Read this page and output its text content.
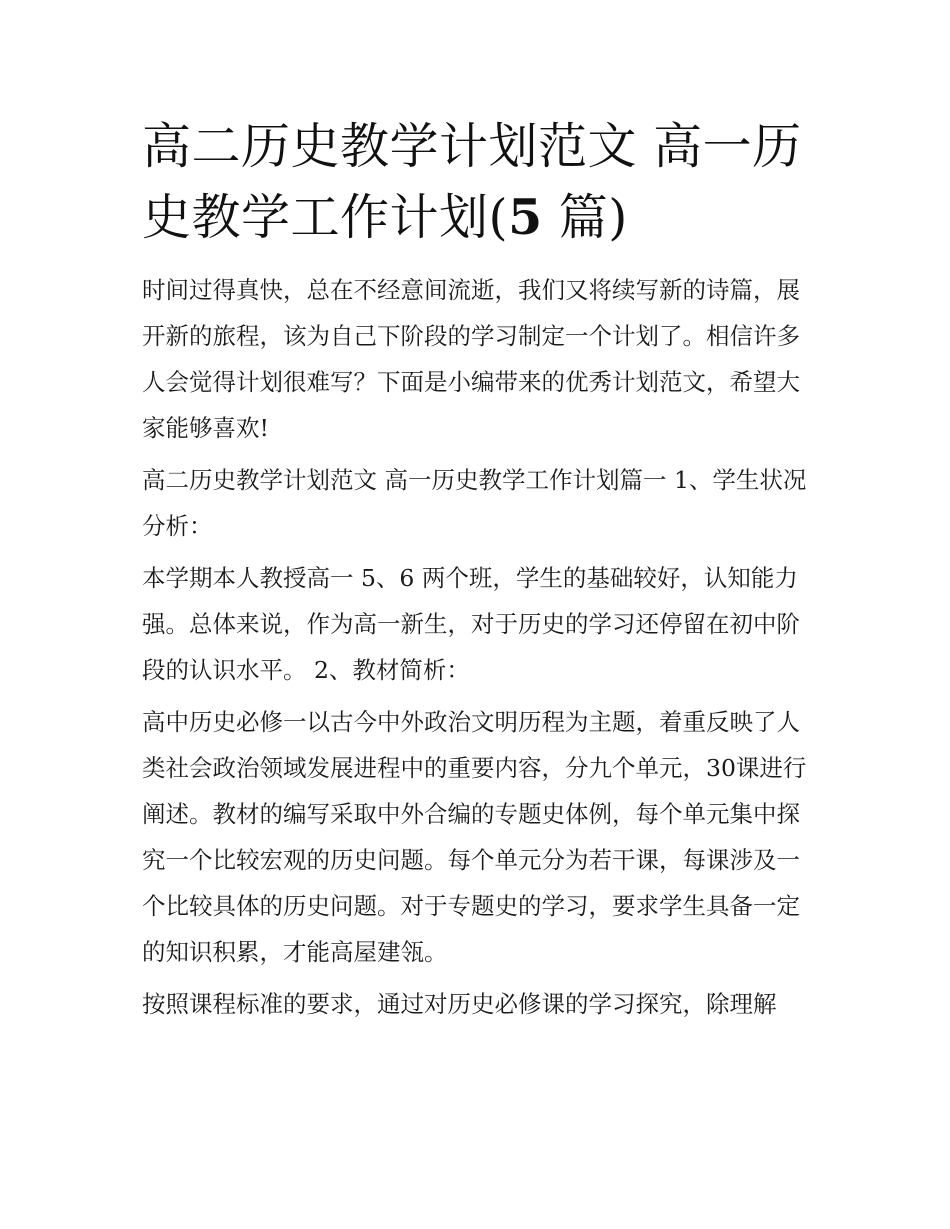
高二历史教学计划范文 高一历
史教学工作计划(5 篇)

时间过得真快，总在不经意间流逝，我们又将续写新的诗篇，展开新的旅程，该为自己下阶段的学习制定一个计划了。相信许多人会觉得计划很难写？下面是小编带来的优秀计划范文，希望大家能够喜欢!

高二历史教学计划范文 高一历史教学工作计划篇一 1、学生状况分析：

本学期本人教授高一 5、6 两个班，学生的基础较好，认知能力强。总体来说，作为高一新生，对于历史的学习还停留在初中阶段的认识水平。 2、教材简析：

高中历史必修一以古今中外政治文明历程为主题，着重反映了人类社会政治领域发展进程中的重要内容，分九个单元，30课进行阐述。教材的编写采取中外合编的专题史体例，每个单元集中探究一个比较宏观的历史问题。每个单元分为若干课，每课涉及一个比较具体的历史问题。对于专题史的学习，要求学生具备一定的知识积累，才能高屋建瓴。

按照课程标准的要求，通过对历史必修课的学习探究，除理解
